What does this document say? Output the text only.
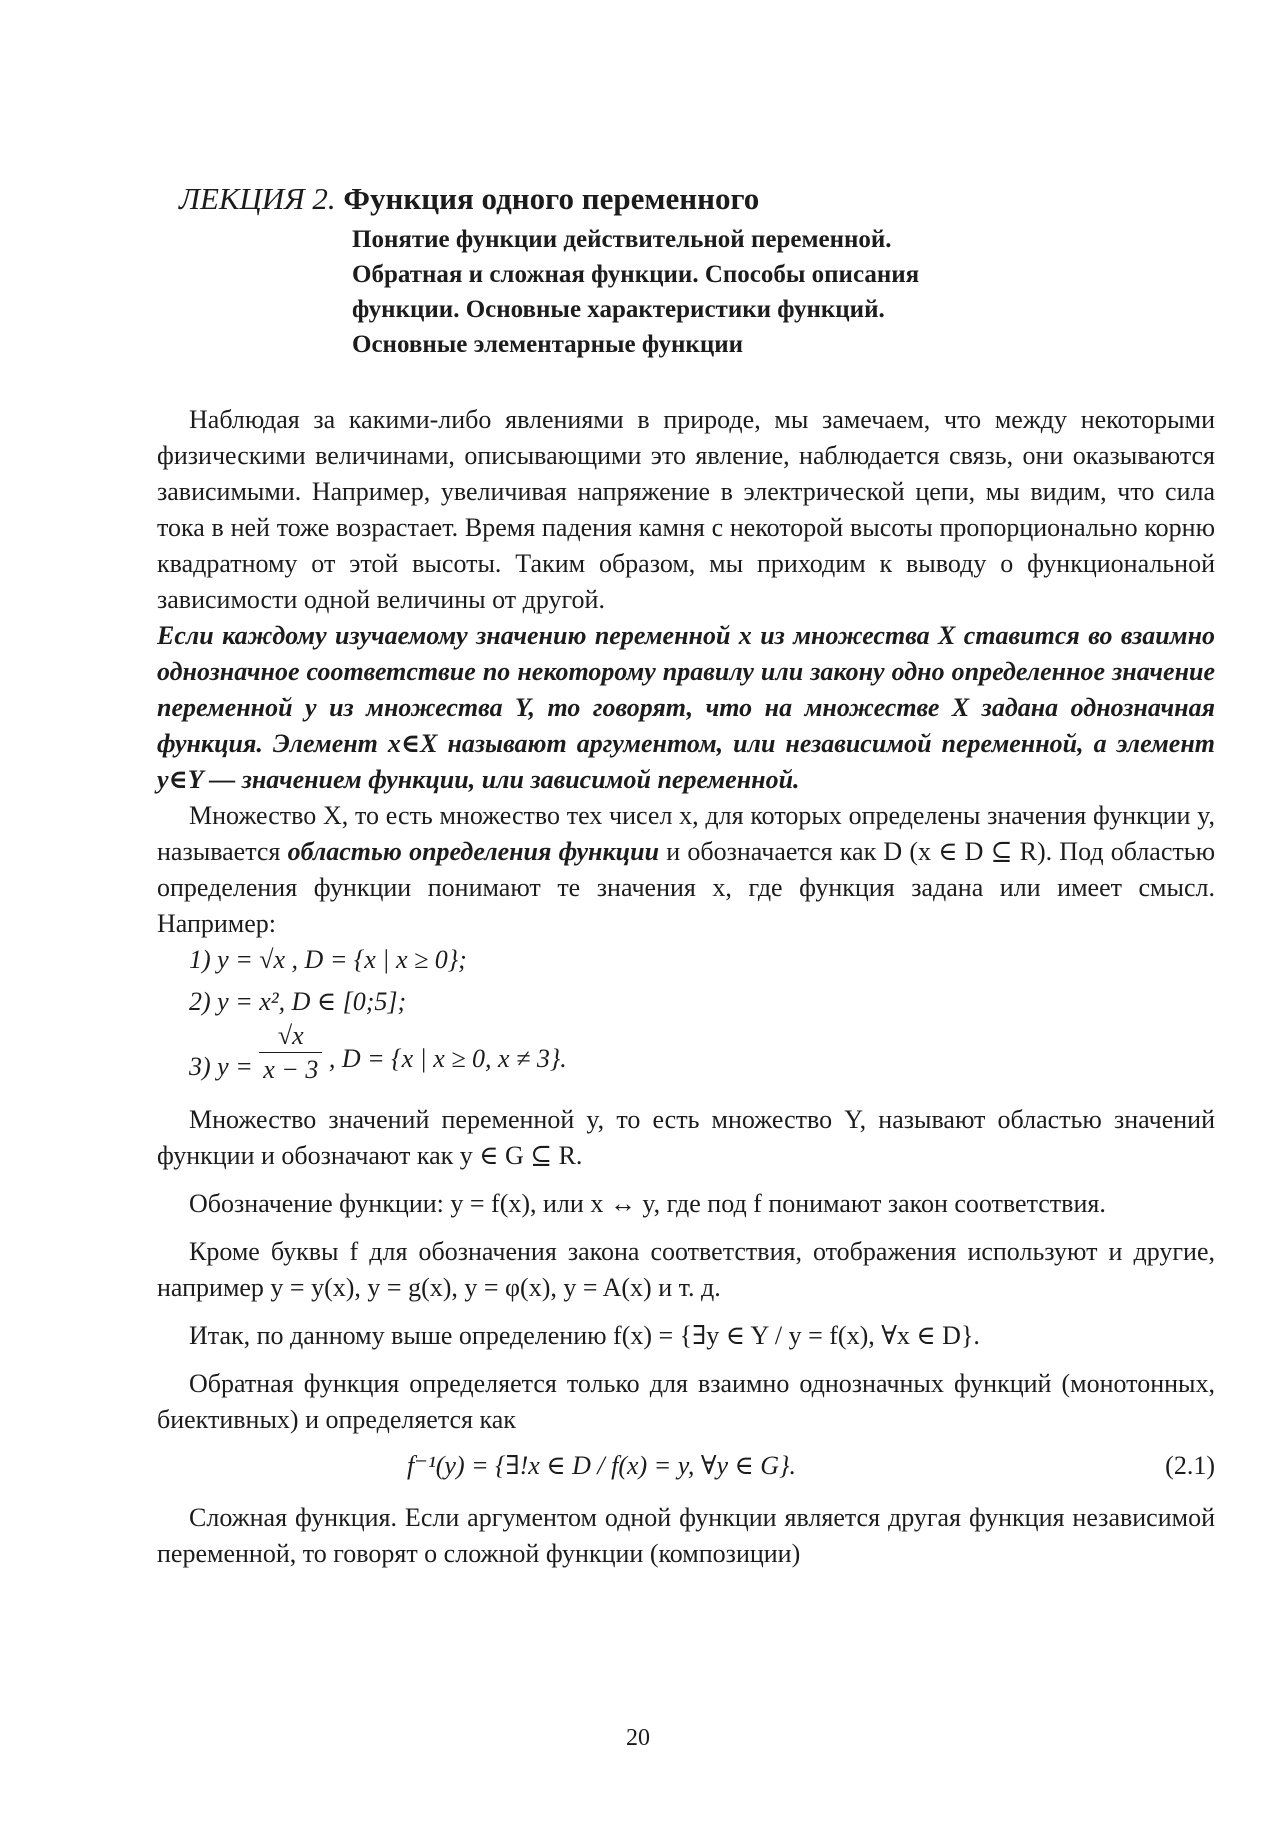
ЛЕКЦИЯ 2. Функция одного переменного
Понятие функции действительной переменной.
Обратная и сложная функции. Способы описания
функции. Основные характеристики функций.
Основные элементарные функции

Наблюдая за какими-либо явлениями в природе, мы замечаем, что между некоторыми физическими величинами, описывающими это явление, наблюдается связь, они оказываются зависимыми. Например, увеличивая напряжение в электрической цепи, мы видим, что сила тока в ней тоже возрастает. Время падения камня с некоторой высоты пропорционально корню квадратному от этой высоты. Таким образом, мы приходим к выводу о функциональной зависимости одной величины от другой.

Если каждому изучаемому значению переменной x из множества X ставится во взаимно однозначное соответствие по некоторому правилу или закону одно определенное значение переменной y из множества Y, то говорят, что на множестве X задана однозначная функция. Элемент x∈X называют аргументом, или независимой переменной, а элемент y∈Y — значением функции, или зависимой переменной.

Множество X, то есть множество тех чисел x, для которых определены значения функции y, называется областью определения функции и обозначается как D (x ∈ D ⊆ R). Под областью определения функции понимают те значения x, где функция задана или имеет смысл. Например:

1) y = √x , D = {x | x ≥ 0};
2) y = x², D ∈ [0;5];
3) $y = \frac{√x}{x - 3}$ , D = {x | x ≥ 0, x ≠ 3}.

Множество значений переменной y, то есть множество Y, называют областью значений функции и обозначают как y ∈ G ⊆ R.

Обозначение функции: y = f(x), или x ↔ y, где под f понимают закон соответствия.

Кроме буквы f для обозначения закона соответствия, отображения используют и другие, например y = y(x), y = g(x), y = φ(x), y = A(x) и т. д.

Итак, по данному выше определению f(x) = {∃y ∈ Y / y = f(x), ∀x ∈ D}.

Обратная функция определяется только для взаимно однозначных функций (монотонных, биективных) и определяется как

f⁻¹(y) = {∃!x ∈ D / f(x) = y, ∀y ∈ G}.	(2.1)

Сложная функция. Если аргументом одной функции является другая функция независимой переменной, то говорят о сложной функции (композиции)

20
